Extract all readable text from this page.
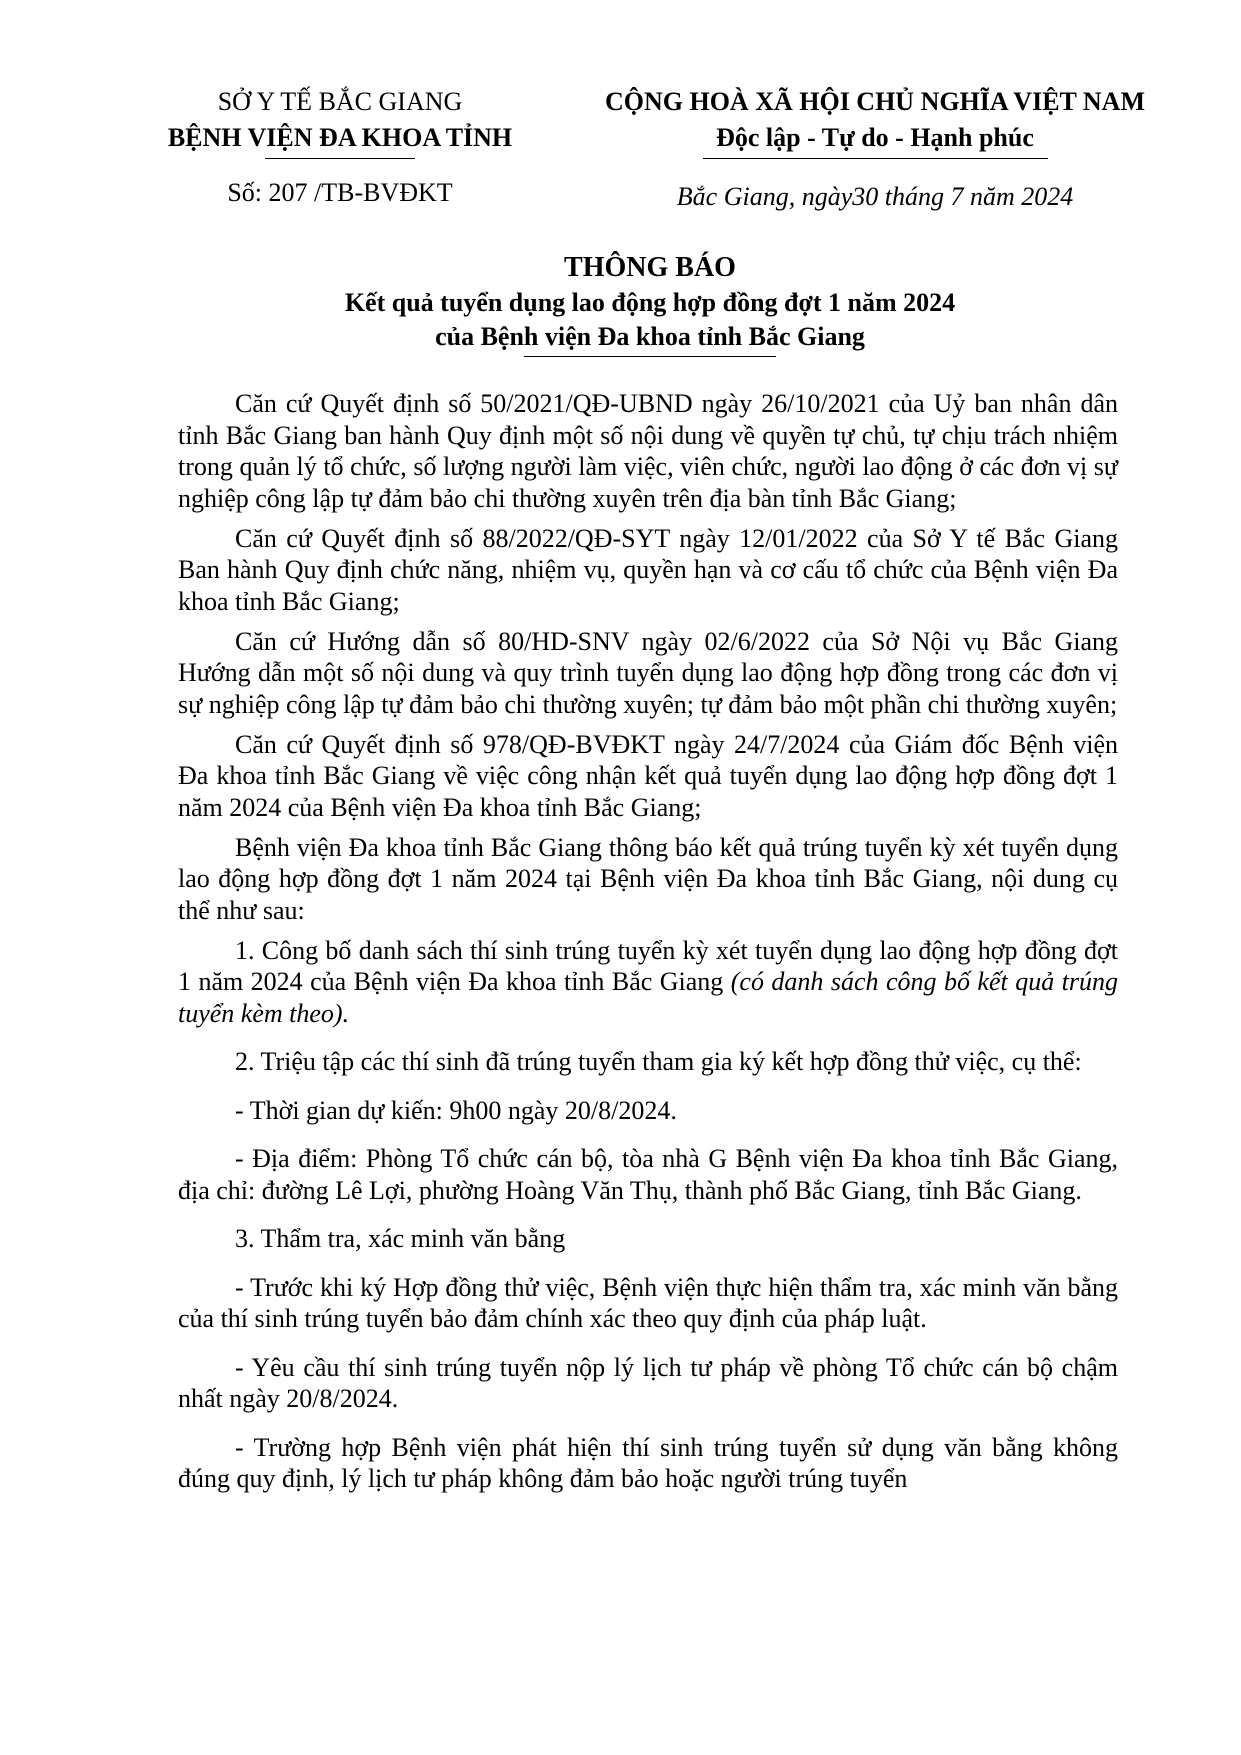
SỞ Y TẾ BẮC GIANG
BỆNH VIỆN ĐA KHOA TỈNH
CỘNG HOÀ XÃ HỘI CHỦ NGHĨA VIỆT NAM
Độc lập - Tự do - Hạnh phúc
Số: 207 /TB-BVĐKT	Bắc Giang, ngày30 tháng 7 năm 2024
THÔNG BÁO
Kết quả tuyển dụng lao động hợp đồng đợt 1 năm 2024
của Bệnh viện Đa khoa tỉnh Bắc Giang

Căn cứ Quyết định số 50/2021/QĐ-UBND ngày 26/10/2021 của Uỷ ban nhân dân tỉnh Bắc Giang ban hành Quy định một số nội dung về quyền tự chủ, tự chịu trách nhiệm trong quản lý tổ chức, số lượng người làm việc, viên chức, người lao động ở các đơn vị sự nghiệp công lập tự đảm bảo chi thường xuyên trên địa bàn tỉnh Bắc Giang;

Căn cứ Quyết định số 88/2022/QĐ-SYT ngày 12/01/2022 của Sở Y tế Bắc Giang Ban hành Quy định chức năng, nhiệm vụ, quyền hạn và cơ cấu tổ chức của Bệnh viện Đa khoa tỉnh Bắc Giang;

Căn cứ Hướng dẫn số 80/HD-SNV ngày 02/6/2022 của Sở Nội vụ Bắc Giang Hướng dẫn một số nội dung và quy trình tuyển dụng lao động hợp đồng trong các đơn vị sự nghiệp công lập tự đảm bảo chi thường xuyên; tự đảm bảo một phần chi thường xuyên;

Căn cứ Quyết định số 978/QĐ-BVĐKT ngày 24/7/2024 của Giám đốc Bệnh viện Đa khoa tỉnh Bắc Giang về việc công nhận kết quả tuyển dụng lao động hợp đồng đợt 1 năm 2024 của Bệnh viện Đa khoa tỉnh Bắc Giang;

Bệnh viện Đa khoa tỉnh Bắc Giang thông báo kết quả trúng tuyển kỳ xét tuyển dụng lao động hợp đồng đợt 1 năm 2024 tại Bệnh viện Đa khoa tỉnh Bắc Giang, nội dung cụ thể như sau:

1. Công bố danh sách thí sinh trúng tuyển kỳ xét tuyển dụng lao động hợp đồng đợt 1 năm 2024 của Bệnh viện Đa khoa tỉnh Bắc Giang (có danh sách công bố kết quả trúng tuyển kèm theo).

2. Triệu tập các thí sinh đã trúng tuyển tham gia ký kết hợp đồng thử việc, cụ thể:

- Thời gian dự kiến: 9h00 ngày 20/8/2024.

- Địa điểm: Phòng Tổ chức cán bộ, tòa nhà G Bệnh viện Đa khoa tỉnh Bắc Giang, địa chỉ: đường Lê Lợi, phường Hoàng Văn Thụ, thành phố Bắc Giang, tỉnh Bắc Giang.

3. Thẩm tra, xác minh văn bằng

- Trước khi ký Hợp đồng thử việc, Bệnh viện thực hiện thẩm tra, xác minh văn bằng của thí sinh trúng tuyển bảo đảm chính xác theo quy định của pháp luật.

- Yêu cầu thí sinh trúng tuyển nộp lý lịch tư pháp về phòng Tổ chức cán bộ chậm nhất ngày 20/8/2024.

- Trường hợp Bệnh viện phát hiện thí sinh trúng tuyển sử dụng văn bằng không đúng quy định, lý lịch tư pháp không đảm bảo hoặc người trúng tuyển
